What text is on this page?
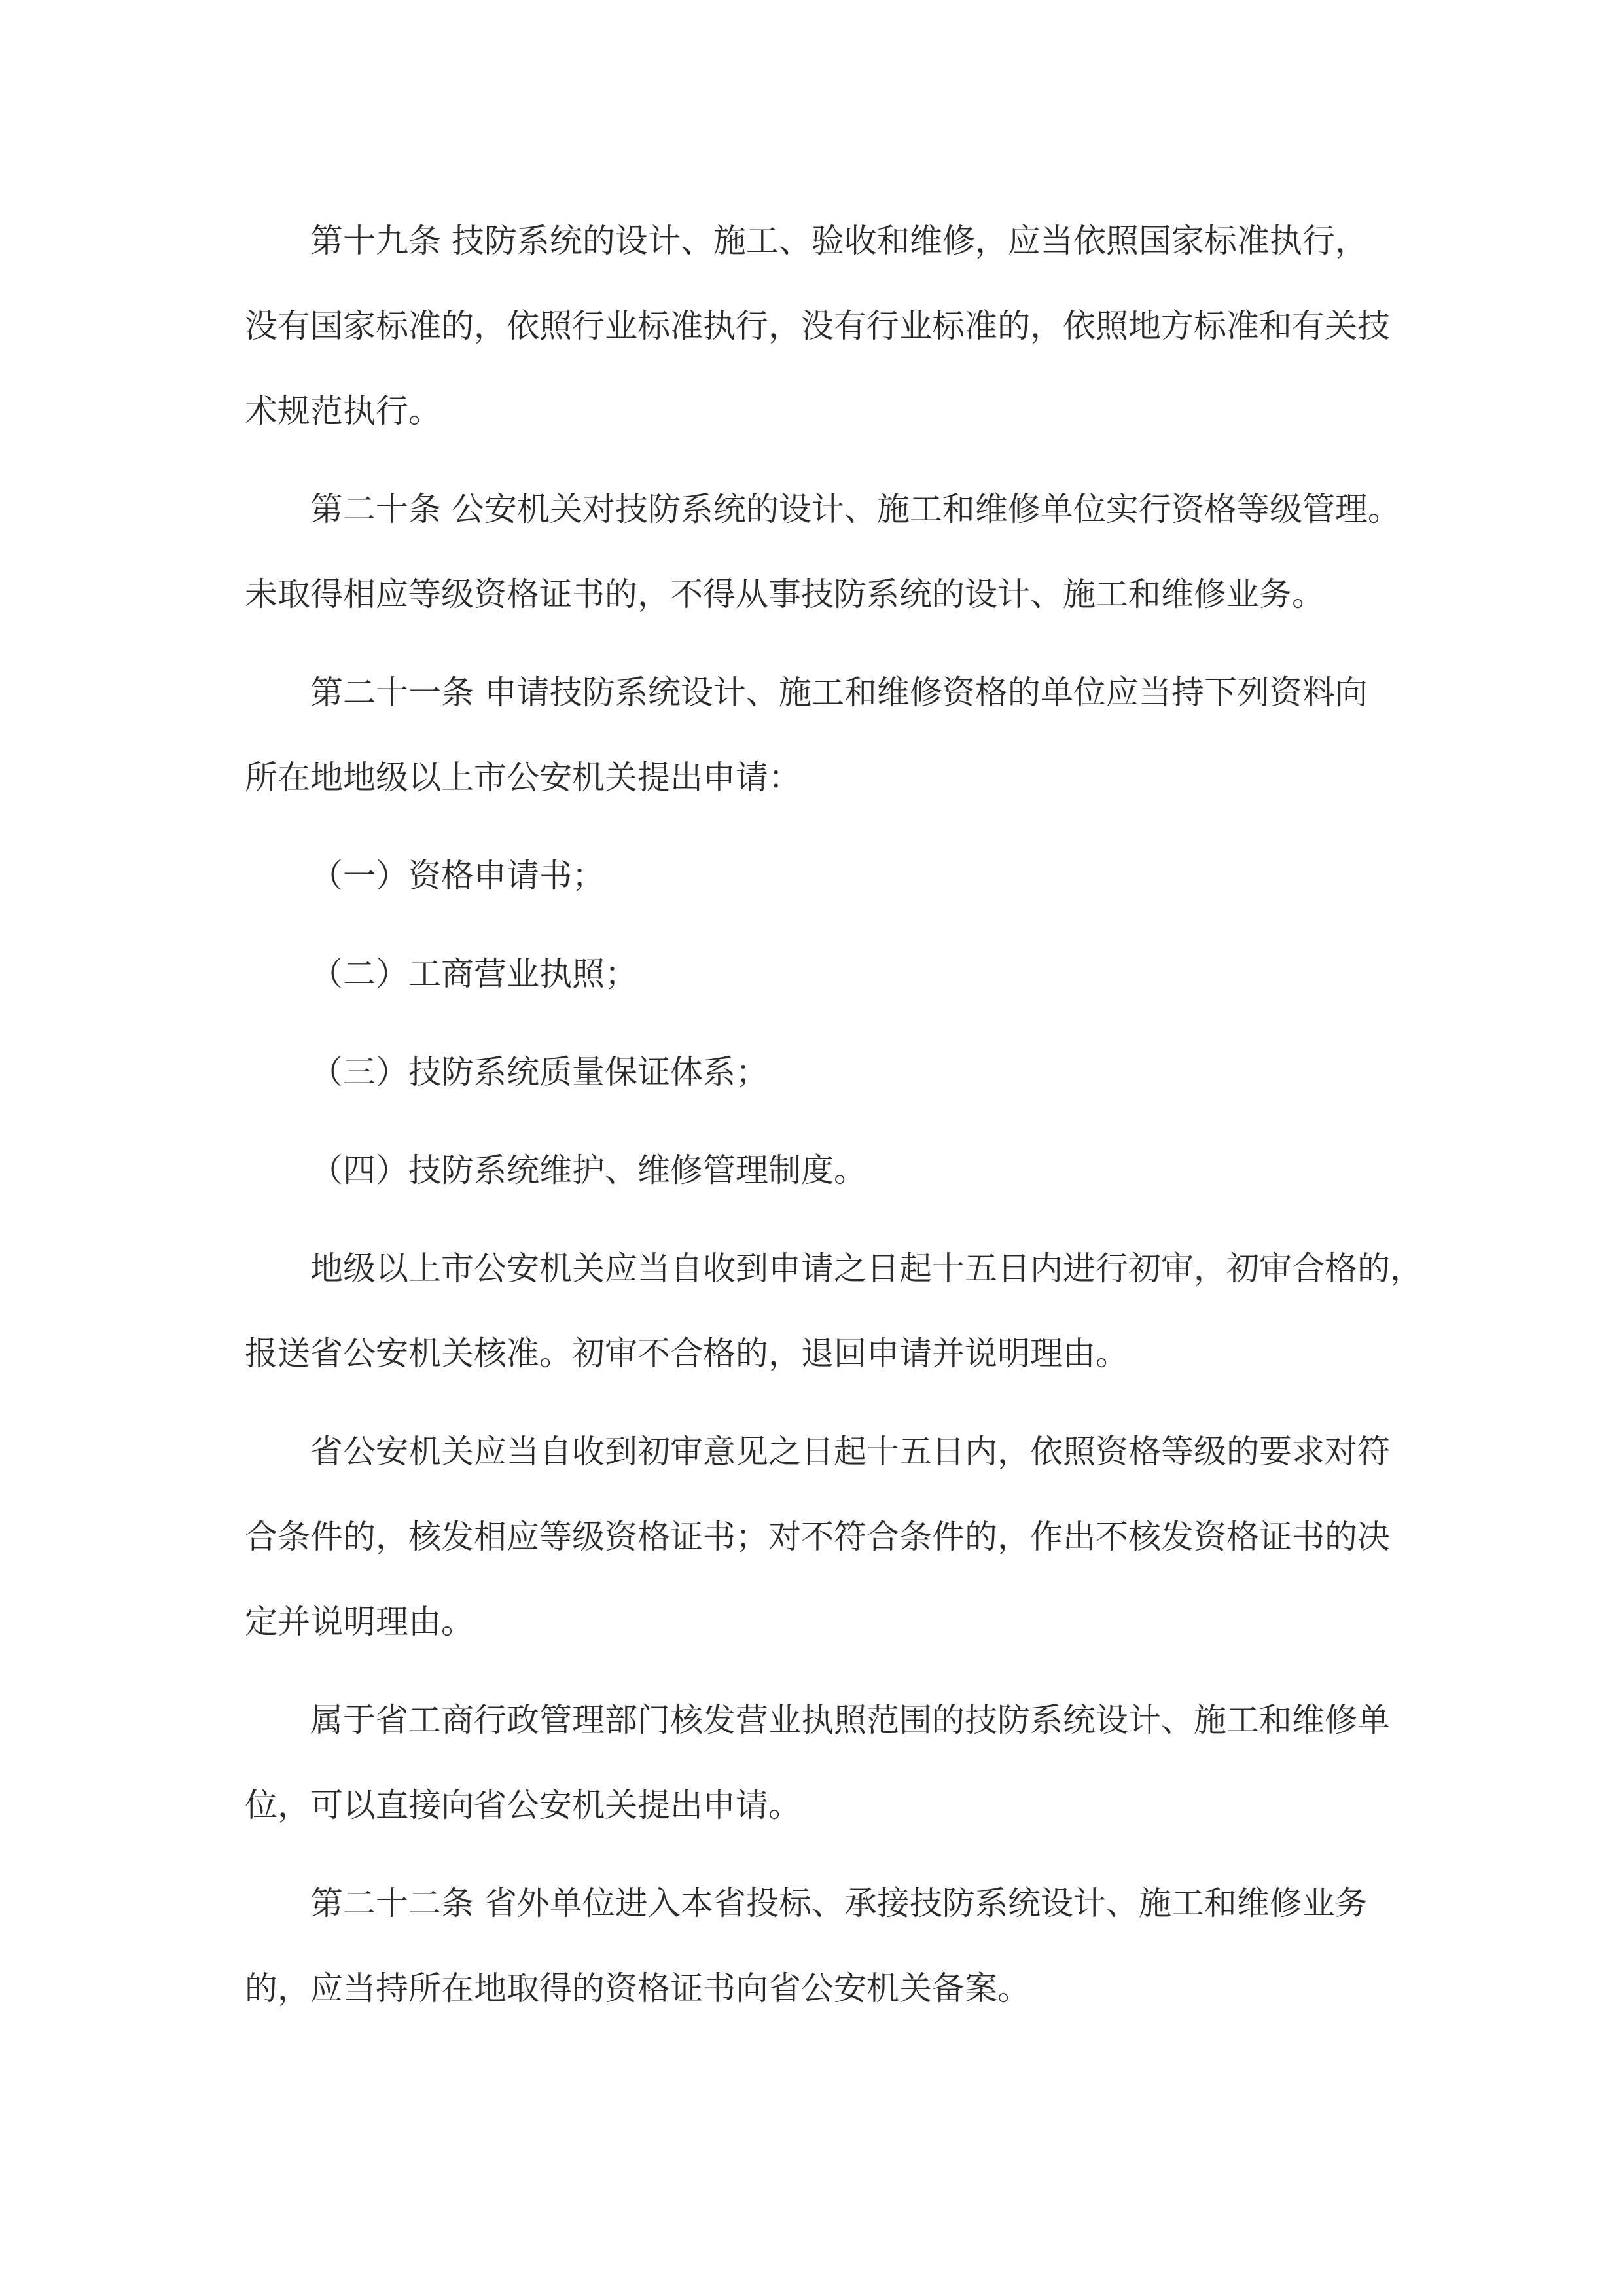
第十九条 技防系统的设计、施工、验收和维修，应当依照国家标准执行，
没有国家标准的，依照行业标准执行，没有行业标准的，依照地方标准和有关技
术规范执行。
第二十条 公安机关对技防系统的设计、施工和维修单位实行资格等级管理。
未取得相应等级资格证书的，不得从事技防系统的设计、施工和维修业务。
第二十一条 申请技防系统设计、施工和维修资格的单位应当持下列资料向
所在地地级以上市公安机关提出申请：
（一）资格申请书；
（二）工商营业执照；
（三）技防系统质量保证体系；
（四）技防系统维护、维修管理制度。
地级以上市公安机关应当自收到申请之日起十五日内进行初审，初审合格的，
报送省公安机关核准。初审不合格的，退回申请并说明理由。
省公安机关应当自收到初审意见之日起十五日内，依照资格等级的要求对符
合条件的，核发相应等级资格证书；对不符合条件的，作出不核发资格证书的决
定并说明理由。
属于省工商行政管理部门核发营业执照范围的技防系统设计、施工和维修单
位，可以直接向省公安机关提出申请。
第二十二条 省外单位进入本省投标、承接技防系统设计、施工和维修业务
的，应当持所在地取得的资格证书向省公安机关备案。
